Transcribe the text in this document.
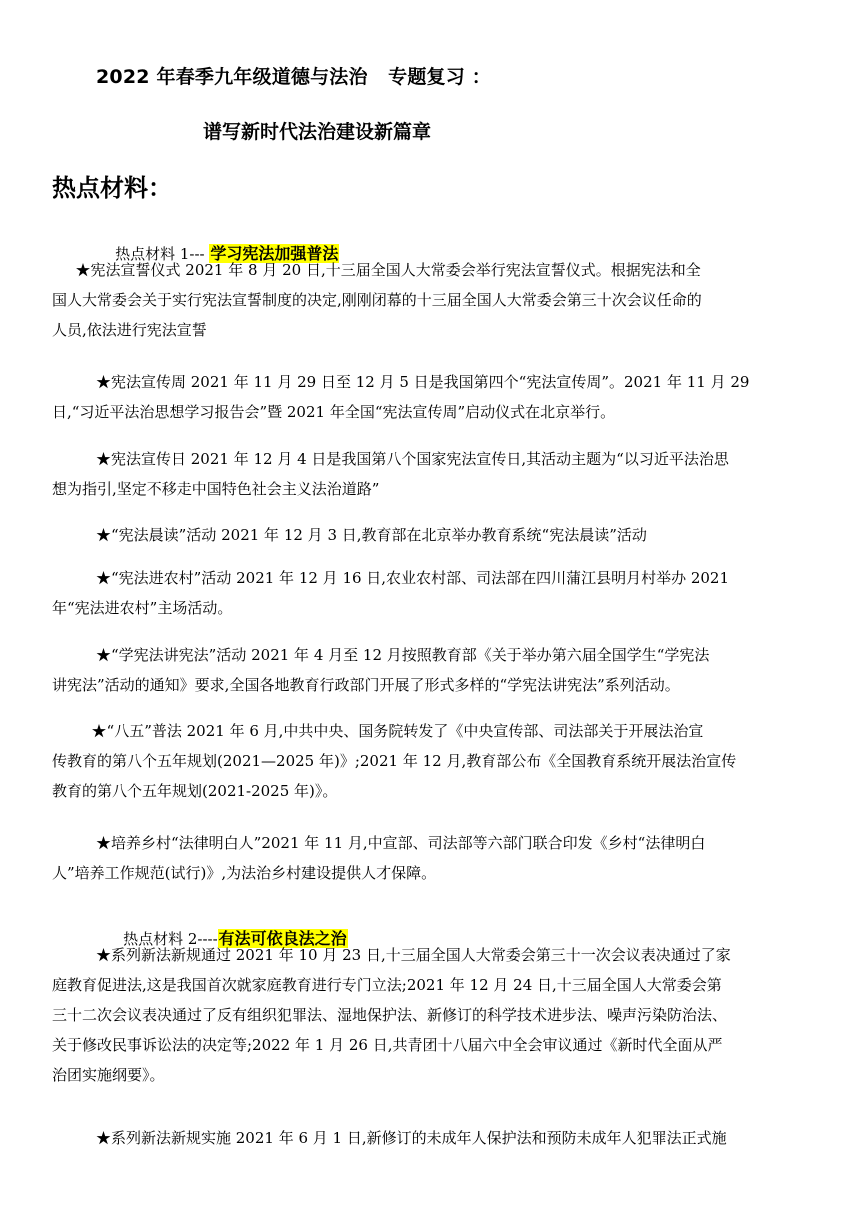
2022 年春季九年级道德与法治   专题复习 ：
谱写新时代法治建设新篇章
热点材料：

热点材料 1--- 学习宪法加强普法

★宪法宣誓仪式 2021 年 8 月 20 日,十三届全国人大常委会举行宪法宣誓仪式。根据宪法和全
国人大常委会关于实行宪法宣誓制度的决定,刚刚闭幕的十三届全国人大常委会第三十次会议任命的
人员,依法进行宪法宣誓
★宪法宣传周 2021 年 11 月 29 日至 12 月 5 日是我国第四个“宪法宣传周”。2021 年 11 月 29
日,“习近平法治思想学习报告会”暨 2021 年全国“宪法宣传周”启动仪式在北京举行。
★宪法宣传日 2021 年 12 月 4 日是我国第八个国家宪法宣传日,其活动主题为“以习近平法治思
想为指引,坚定不移走中国特色社会主义法治道路”
★“宪法晨读”活动 2021 年 12 月 3 日,教育部在北京举办教育系统“宪法晨读”活动
★“宪法进农村”活动 2021 年 12 月 16 日,农业农村部、司法部在四川蒲江县明月村举办 2021
年“宪法进农村”主场活动。
★“学宪法讲宪法”活动 2021 年 4 月至 12 月按照教育部《关于举办第六届全国学生“学宪法
讲宪法”活动的通知》要求,全国各地教育行政部门开展了形式多样的“学宪法讲宪法”系列活动。
★“八五”普法 2021 年 6 月,中共中央、国务院转发了《中央宣传部、司法部关于开展法治宣
传教育的第八个五年规划(2021—2025 年)》;2021 年 12 月,教育部公布《全国教育系统开展法治宣传
教育的第八个五年规划(2021-2025 年)》。
★培养乡村“法律明白人”2021 年 11 月,中宣部、司法部等六部门联合印发《乡村“法律明白
人”培养工作规范(试行)》,为法治乡村建设提供人才保障。

热点材料 2----有法可依良法之治

★系列新法新规通过 2021 年 10 月 23 日,十三届全国人大常委会第三十一次会议表决通过了家
庭教育促进法,这是我国首次就家庭教育进行专门立法;2021 年 12 月 24 日,十三届全国人大常委会第
三十二次会议表决通过了反有组织犯罪法、湿地保护法、新修订的科学技术进步法、噪声污染防治法、
关于修改民事诉讼法的决定等;2022 年 1 月 26 日,共青团十八届六中全会审议通过《新时代全面从严
治团实施纲要》。
★系列新法新规实施 2021 年 6 月 1 日,新修订的未成年人保护法和预防未成年人犯罪法正式施
